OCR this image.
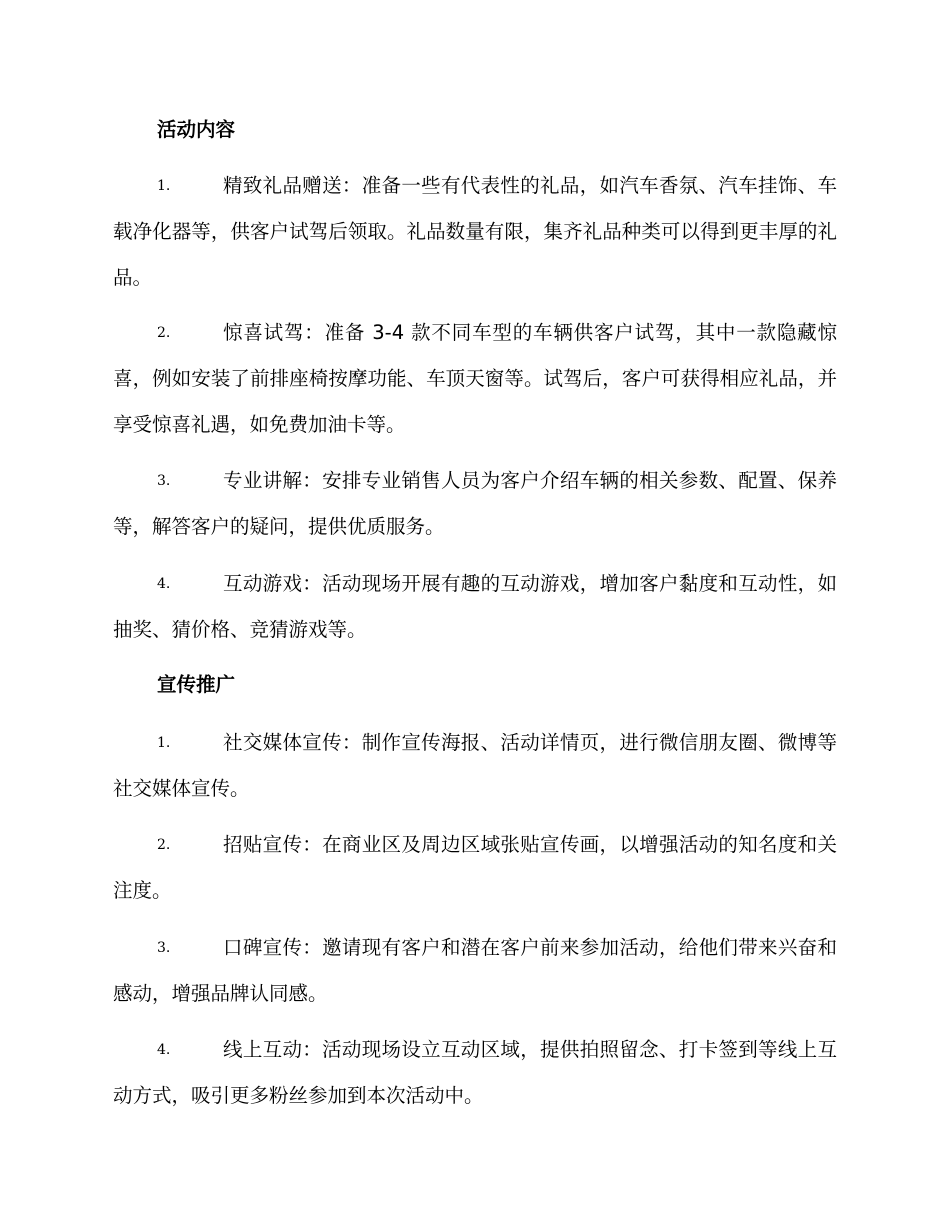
活动内容
1.	精致礼品赠送：准备一些有代表性的礼品，如汽车香氛、汽车挂饰、车载净化器等，供客户试驾后领取。礼品数量有限，集齐礼品种类可以得到更丰厚的礼品。
2.	惊喜试驾：准备 3-4 款不同车型的车辆供客户试驾，其中一款隐藏惊喜，例如安装了前排座椅按摩功能、车顶天窗等。试驾后，客户可获得相应礼品，并享受惊喜礼遇，如免费加油卡等。
3.	专业讲解：安排专业销售人员为客户介绍车辆的相关参数、配置、保养等，解答客户的疑问，提供优质服务。
4.	互动游戏：活动现场开展有趣的互动游戏，增加客户黏度和互动性，如抽奖、猜价格、竞猜游戏等。
宣传推广
1.	社交媒体宣传：制作宣传海报、活动详情页，进行微信朋友圈、微博等社交媒体宣传。
2.	招贴宣传：在商业区及周边区域张贴宣传画，以增强活动的知名度和关注度。
3.	口碑宣传：邀请现有客户和潜在客户前来参加活动，给他们带来兴奋和感动，增强品牌认同感。
4.	线上互动：活动现场设立互动区域，提供拍照留念、打卡签到等线上互动方式，吸引更多粉丝参加到本次活动中。
